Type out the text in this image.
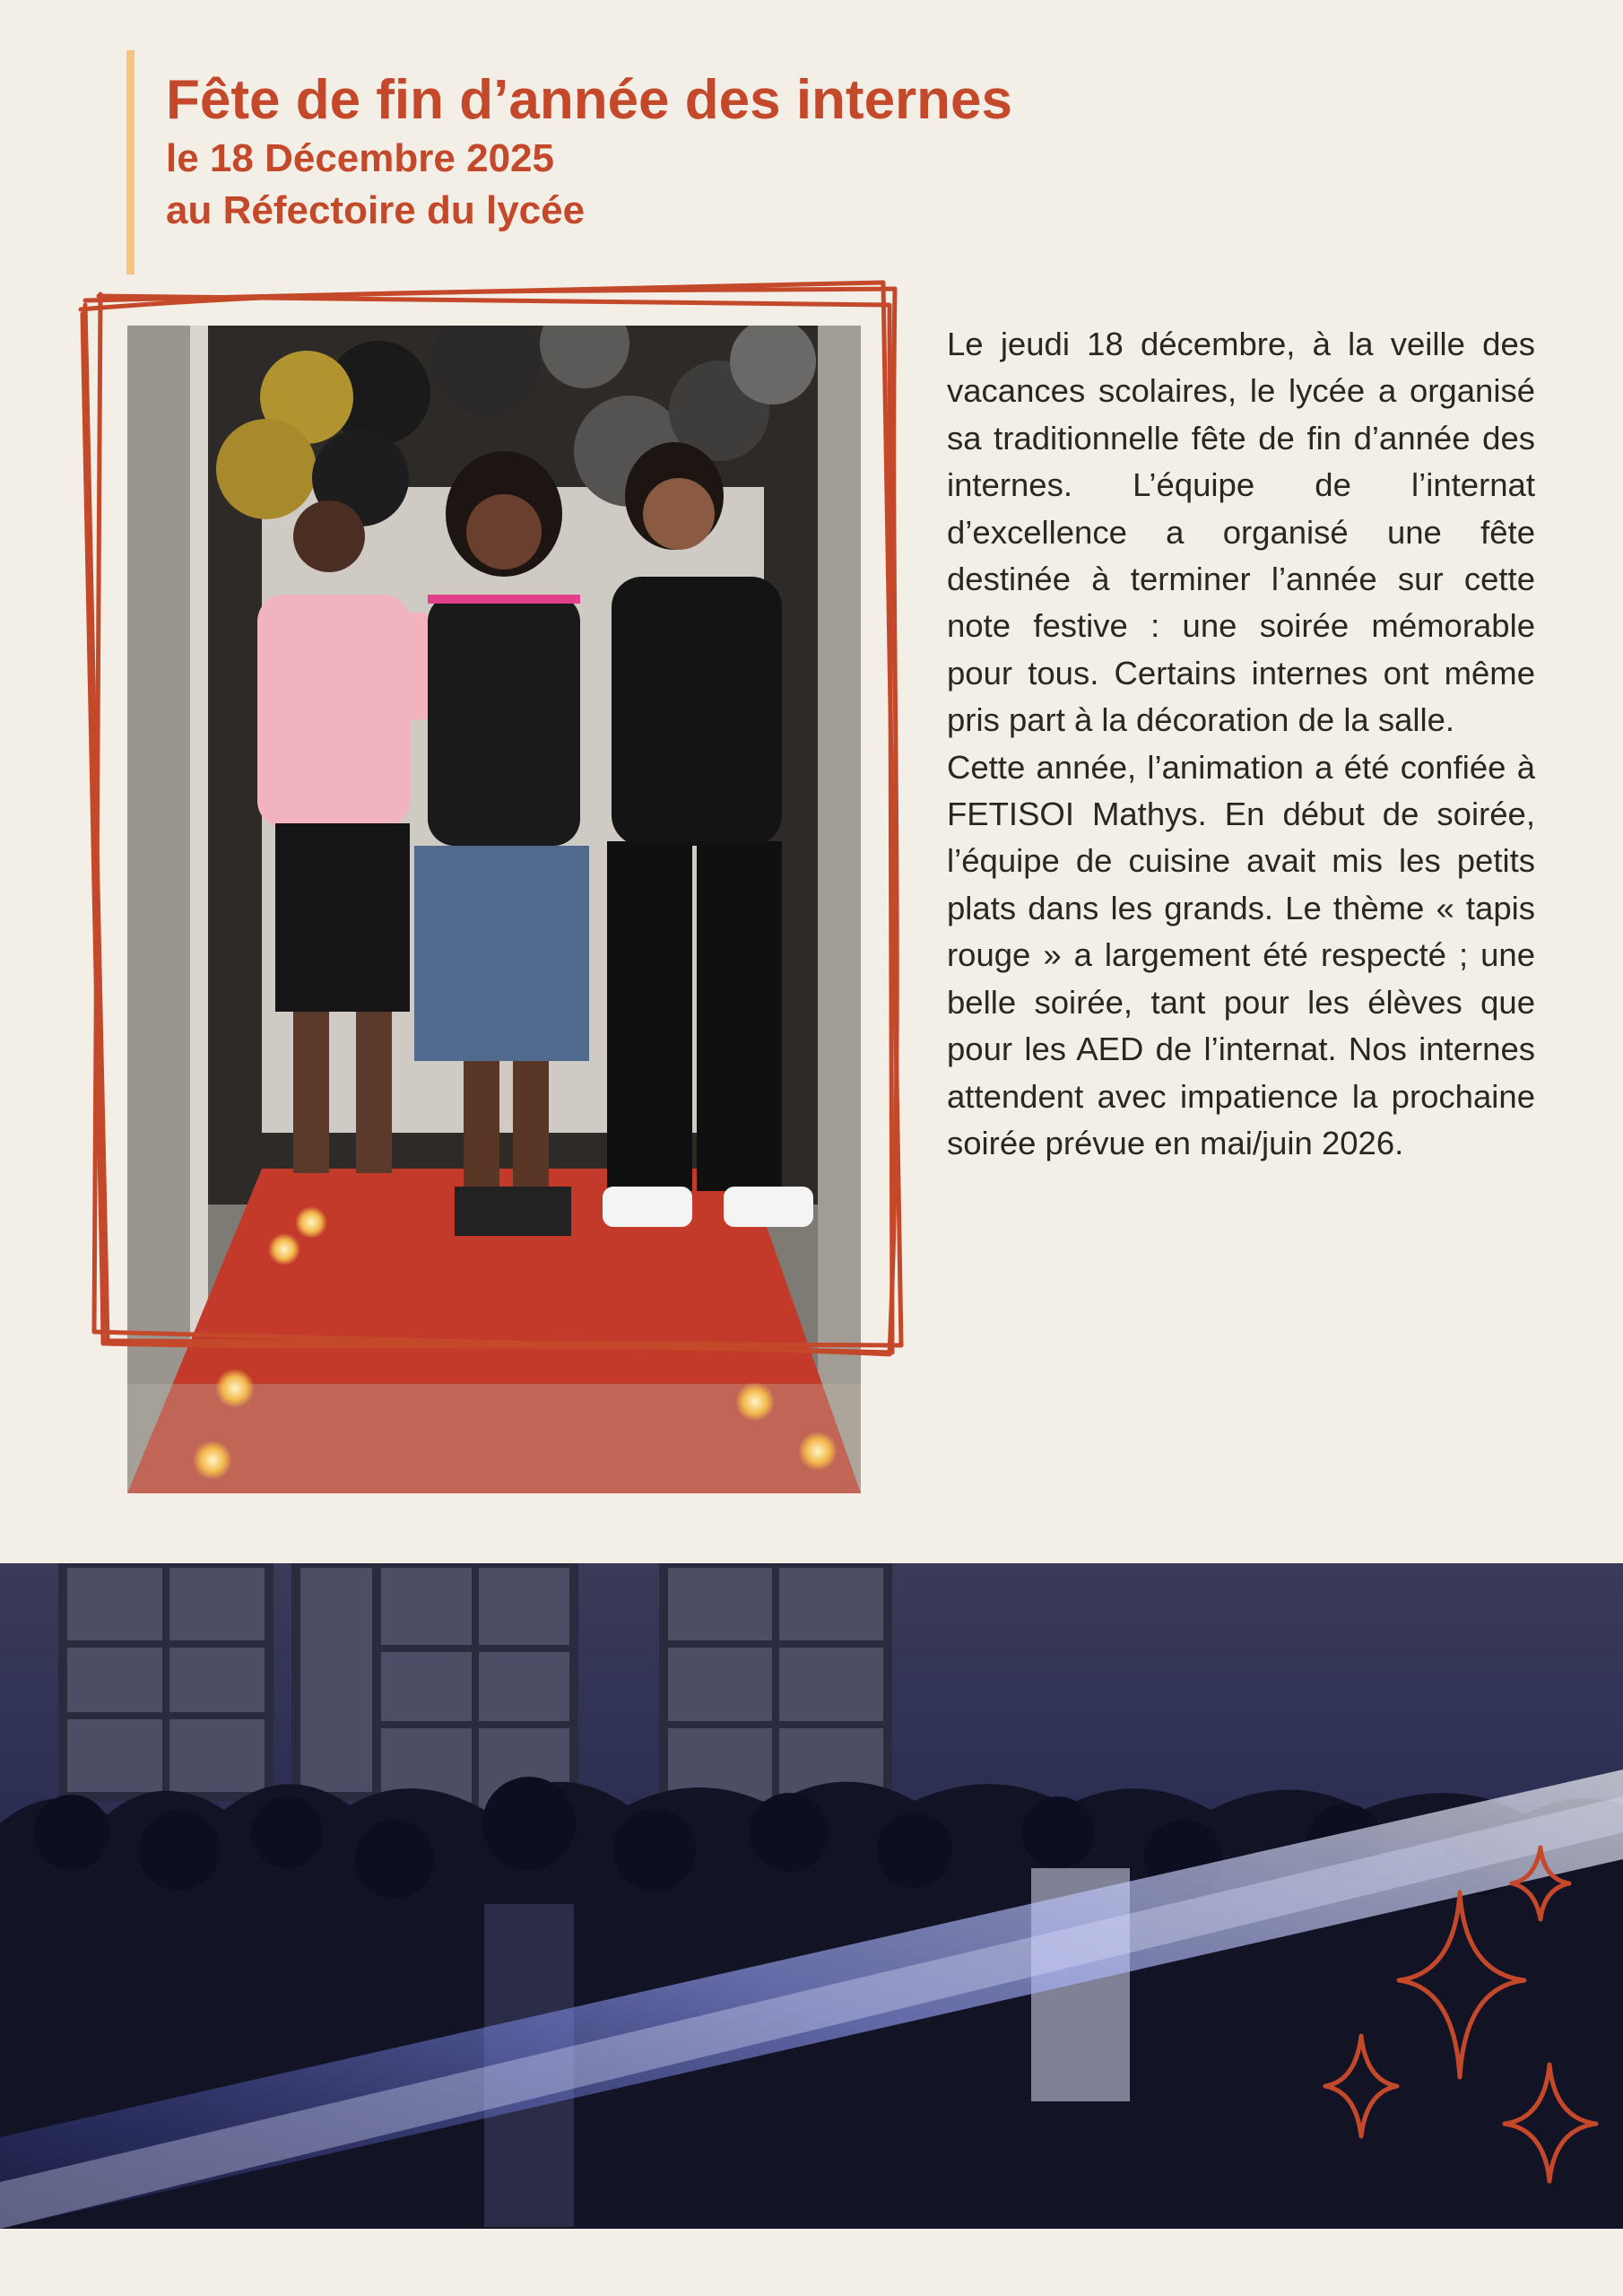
Fête de fin d’année des internes
le 18 Décembre 2025
au Réfectoire du lycée

Le jeudi 18 décembre, à la veille des vacances scolaires, le lycée a organisé sa traditionnelle fête de fin d’année des internes. L’équipe de l’internat d’excellence a organisé une fête destinée à terminer l’année sur cette note festive : une soirée mémorable pour tous. Certains internes ont même pris part à la décoration de la salle.

Cette année, l’animation a été confiée à FETISOI Mathys. En début de soirée, l’équipe de cuisine avait mis les petits plats dans les grands. Le thème « tapis rouge » a largement été respecté ; une belle soirée, tant pour les élèves que pour les AED de l’internat. Nos internes attendent avec impatience la prochaine soirée prévue en mai/juin 2026.
